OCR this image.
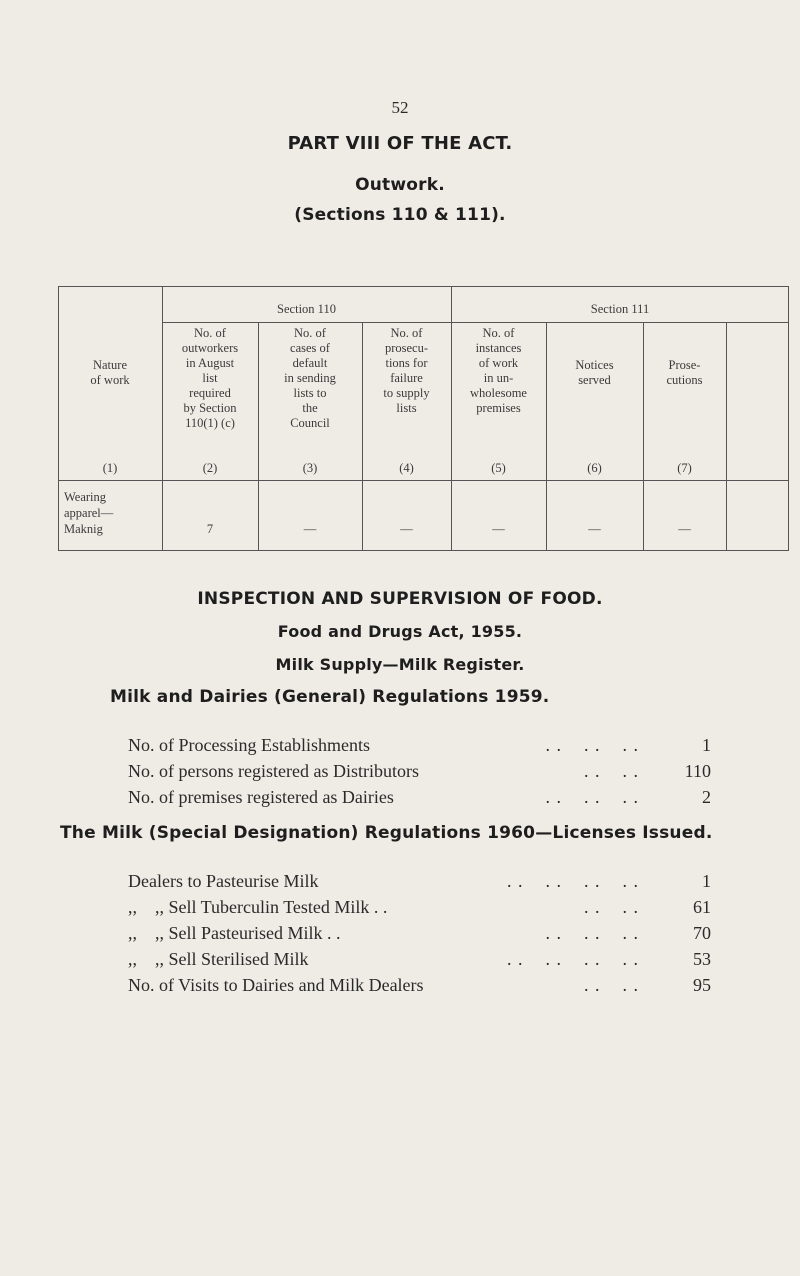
52
PART VIII OF THE ACT.
Outwork.
(Sections 110 & 111).
Section 110	Section 111
Nature
of work
(1)
No. of
outworkers
in August
list
required
by Section
110(1) (c)
(2)
No. of
cases of
default
in sending
lists to
the
Council
(3)
No. of
prosecu-
tions for
failure
to supply
lists
(4)
No. of
instances
of work
in un-
wholesome
premises
(5)
Notices
served
(6)
Prose-
cutions
(7)
Wearing
apparel—
Maknig	7	—	—	—	—	—
INSPECTION AND SUPERVISION OF FOOD.
Food and Drugs Act, 1955.
Milk Supply—Milk Register.
Milk and Dairies (General) Regulations 1959.
No. of Processing Establishments	. .    . .    . .	1
No. of persons registered as Distributors	. .    . .	110
No. of premises registered as Dairies	. .    . .    . .	2
The Milk (Special Designation) Regulations 1960—Licenses Issued.
Dealers to Pasteurise Milk	. .    . .    . .    . .	1
,,    ,, Sell Tuberculin Tested Milk . .	. .    . .	61
,,    ,, Sell Pasteurised Milk . .	. .    . .    . .	70
,,    ,, Sell Sterilised Milk	. .    . .    . .    . .	53
No. of Visits to Dairies and Milk Dealers	. .    . .	95
